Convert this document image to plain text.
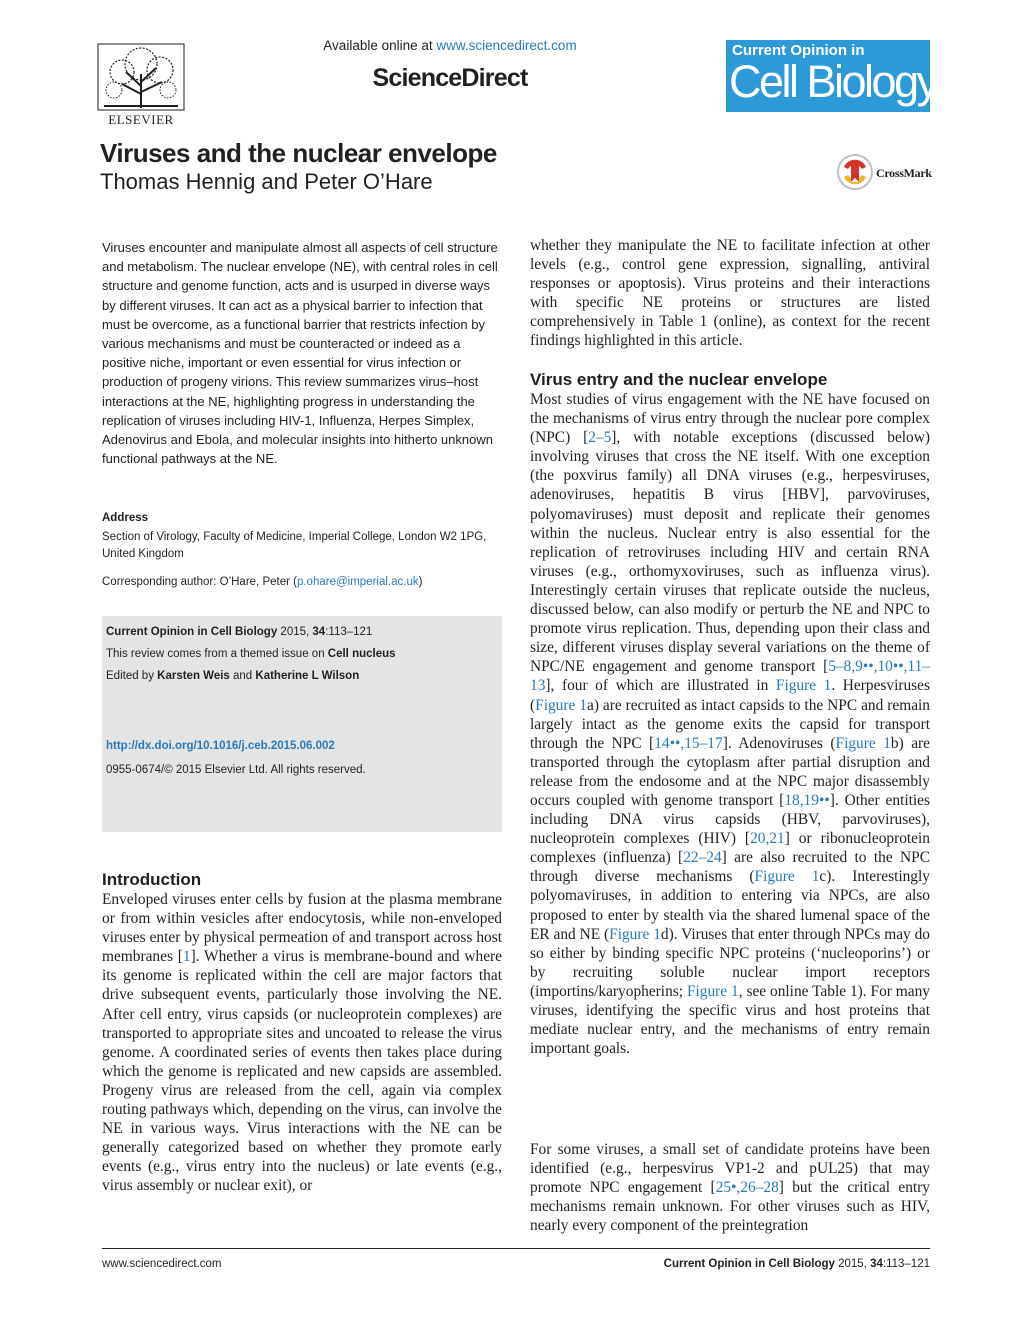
ELSEVIER
Available online at www.sciencedirect.com
ScienceDirect
Current Opinion in
Cell Biology
Viruses and the nuclear envelope
Thomas Hennig and Peter O’Hare	CrossMark
Viruses encounter and manipulate almost all aspects of cell structure and metabolism. The nuclear envelope (NE), with central roles in cell structure and genome function, acts and is usurped in diverse ways by different viruses. It can act as a physical barrier to infection that must be overcome, as a functional barrier that restricts infection by various mechanisms and must be counteracted or indeed as a positive niche, important or even essential for virus infection or production of progeny virions. This review summarizes virus–host interactions at the NE, highlighting progress in understanding the replication of viruses including HIV-1, Influenza, Herpes Simplex, Adenovirus and Ebola, and molecular insights into hitherto unknown functional pathways at the NE.
Address
Section of Virology, Faculty of Medicine, Imperial College, London W2 1PG, United Kingdom
Corresponding author: O’Hare, Peter (p.ohare@imperial.ac.uk)
Current Opinion in Cell Biology 2015, 34:113–121
This review comes from a themed issue on Cell nucleus
Edited by Karsten Weis and Katherine L Wilson
http://dx.doi.org/10.1016/j.ceb.2015.06.002
0955-0674/© 2015 Elsevier Ltd. All rights reserved.
Introduction
Enveloped viruses enter cells by fusion at the plasma membrane or from within vesicles after endocytosis, while non-enveloped viruses enter by physical permeation of and transport across host membranes [1]. Whether a virus is membrane-bound and where its genome is replicated within the cell are major factors that drive subsequent events, particularly those involving the NE. After cell entry, virus capsids (or nucleoprotein complexes) are transported to appropriate sites and uncoated to release the virus genome. A coordinated series of events then takes place during which the genome is replicated and new capsids are assembled. Progeny virus are released from the cell, again via complex routing pathways which, depending on the virus, can involve the NE in various ways. Virus interactions with the NE can be generally categorized based on whether they promote early events (e.g., virus entry into the nucleus) or late events (e.g., virus assembly or nuclear exit), or
whether they manipulate the NE to facilitate infection at other levels (e.g., control gene expression, signalling, antiviral responses or apoptosis). Virus proteins and their interactions with specific NE proteins or structures are listed comprehensively in Table 1 (online), as context for the recent findings highlighted in this article.
Virus entry and the nuclear envelope
Most studies of virus engagement with the NE have focused on the mechanisms of virus entry through the nuclear pore complex (NPC) [2–5], with notable exceptions (discussed below) involving viruses that cross the NE itself. With one exception (the poxvirus family) all DNA viruses (e.g., herpesviruses, adenoviruses, hepatitis B virus [HBV], parvoviruses, polyomaviruses) must deposit and replicate their genomes within the nucleus. Nuclear entry is also essential for the replication of retroviruses including HIV and certain RNA viruses (e.g., orthomyxoviruses, such as influenza virus). Interestingly certain viruses that replicate outside the nucleus, discussed below, can also modify or perturb the NE and NPC to promote virus replication. Thus, depending upon their class and size, different viruses display several variations on the theme of NPC/NE engagement and genome transport [5–8,9••,10••,11–13], four of which are illustrated in Figure 1. Herpesviruses (Figure 1a) are recruited as intact capsids to the NPC and remain largely intact as the genome exits the capsid for transport through the NPC [14••,15–17]. Adenoviruses (Figure 1b) are transported through the cytoplasm after partial disruption and release from the endosome and at the NPC major disassembly occurs coupled with genome transport [18,19••]. Other entities including DNA virus capsids (HBV, parvoviruses), nucleoprotein complexes (HIV) [20,21] or ribonucleoprotein complexes (influenza) [22–24] are also recruited to the NPC through diverse mechanisms (Figure 1c). Interestingly polyomaviruses, in addition to entering via NPCs, are also proposed to enter by stealth via the shared lumenal space of the ER and NE (Figure 1d). Viruses that enter through NPCs may do so either by binding specific NPC proteins (‘nucleoporins’) or by recruiting soluble nuclear import receptors (importins/karyopherins; Figure 1, see online Table 1). For many viruses, identifying the specific virus and host proteins that mediate nuclear entry, and the mechanisms of entry remain important goals.
For some viruses, a small set of candidate proteins have been identified (e.g., herpesvirus VP1-2 and pUL25) that may promote NPC engagement [25•,26–28] but the critical entry mechanisms remain unknown. For other viruses such as HIV, nearly every component of the preintegration
www.sciencedirect.com	Current Opinion in Cell Biology 2015, 34:113–121
